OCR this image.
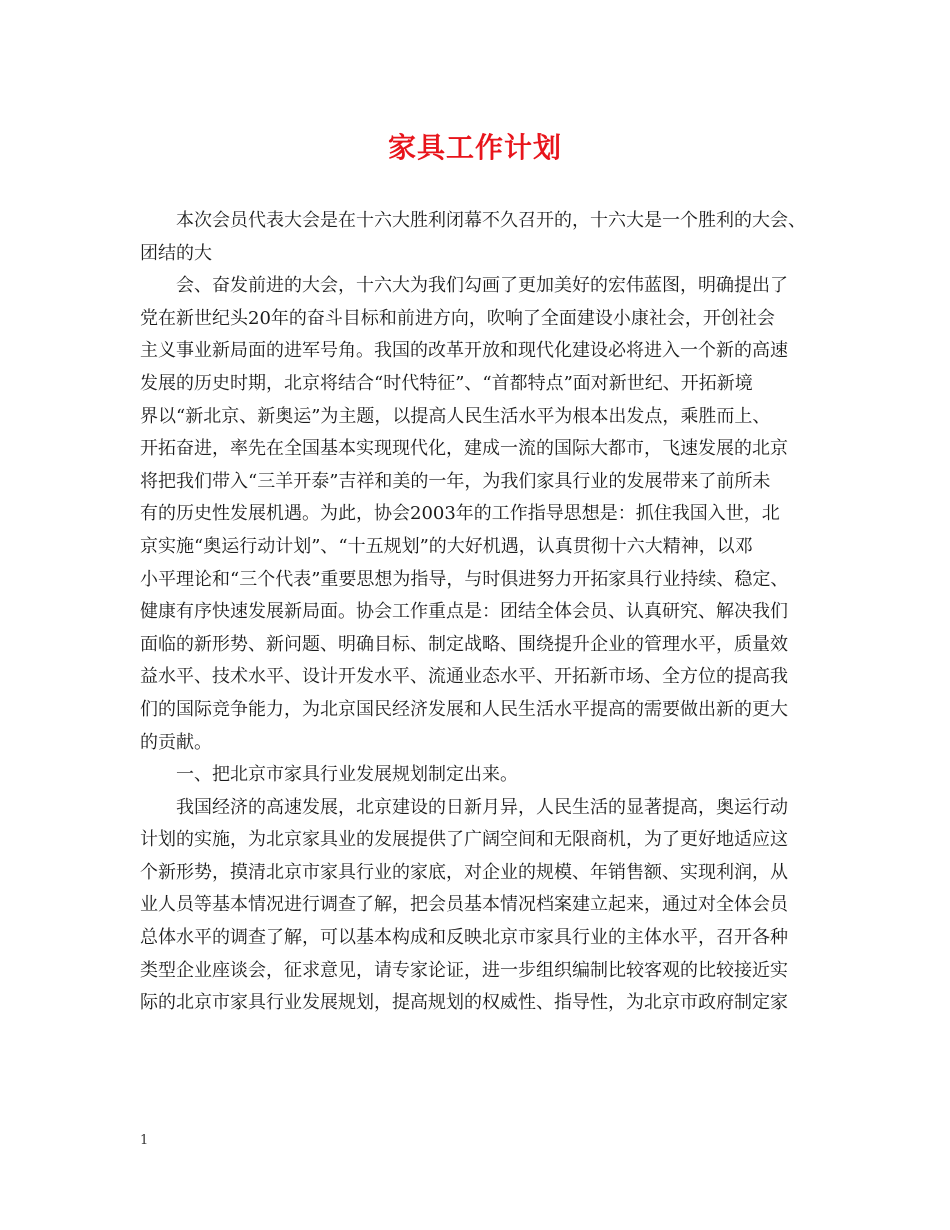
家具工作计划
本次会员代表大会是在十六大胜利闭幕不久召开的，十六大是一个胜利的大会、
团结的大
会、奋发前进的大会，十六大为我们勾画了更加美好的宏伟蓝图，明确提出了
党在新世纪头20年的奋斗目标和前进方向，吹响了全面建设小康社会，开创社会
主义事业新局面的进军号角。我国的改革开放和现代化建设必将进入一个新的高速
发展的历史时期，北京将结合“时代特征”、“首都特点”面对新世纪、开拓新境
界以“新北京、新奥运”为主题，以提高人民生活水平为根本出发点，乘胜而上、
开拓奋进，率先在全国基本实现现代化，建成一流的国际大都市，飞速发展的北京
将把我们带入“三羊开泰”吉祥和美的一年，为我们家具行业的发展带来了前所未
有的历史性发展机遇。为此，协会2003年的工作指导思想是：抓住我国入世，北
京实施“奥运行动计划”、“十五规划”的大好机遇，认真贯彻十六大精神，以邓
小平理论和“三个代表”重要思想为指导，与时俱进努力开拓家具行业持续、稳定、
健康有序快速发展新局面。协会工作重点是：团结全体会员、认真研究、解决我们
面临的新形势、新问题、明确目标、制定战略、围绕提升企业的管理水平，质量效
益水平、技术水平、设计开发水平、流通业态水平、开拓新市场、全方位的提高我
们的国际竞争能力，为北京国民经济发展和人民生活水平提高的需要做出新的更大
的贡献。
一、把北京市家具行业发展规划制定出来。
我国经济的高速发展，北京建设的日新月异，人民生活的显著提高，奥运行动
计划的实施，为北京家具业的发展提供了广阔空间和无限商机，为了更好地适应这
个新形势，摸清北京市家具行业的家底，对企业的规模、年销售额、实现利润，从
业人员等基本情况进行调查了解，把会员基本情况档案建立起来，通过对全体会员
总体水平的调查了解，可以基本构成和反映北京市家具行业的主体水平，召开各种
类型企业座谈会，征求意见，请专家论证，进一步组织编制比较客观的比较接近实
际的北京市家具行业发展规划，提高规划的权威性、指导性，为北京市政府制定家
1
